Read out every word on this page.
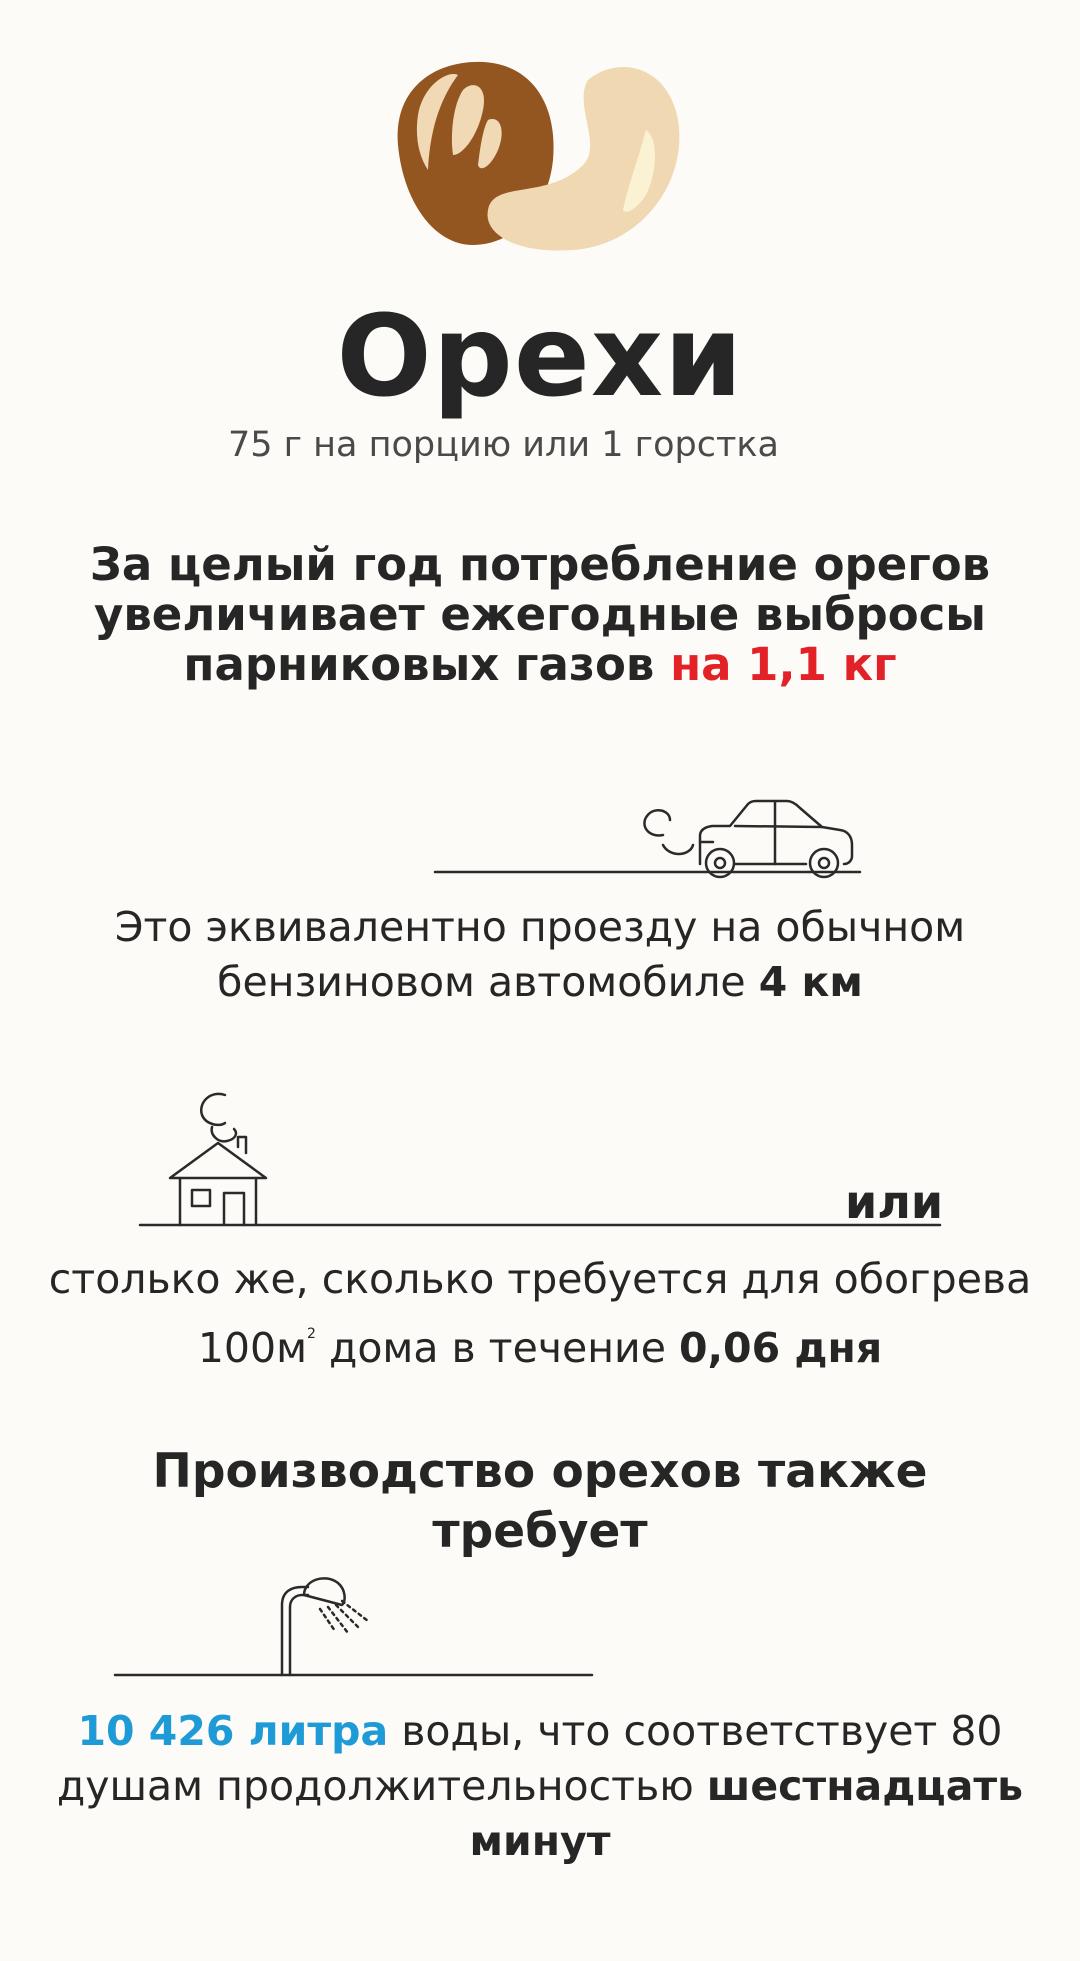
Орехи
75 г на порцию или 1 горстка
За целый год потребление орегов увеличивает ежегодные выбросы парниковых газов на 1,1 кг
Это эквивалентно проезду на обычном бензиновом автомобиле 4 км
или
столько же, сколько требуется для обогрева $100м^2$ дома в течение 0,06 дня
Производство орехов также требует
10 426 литра воды, что соответствует 80 душам продолжительностью шестнадцать минут
